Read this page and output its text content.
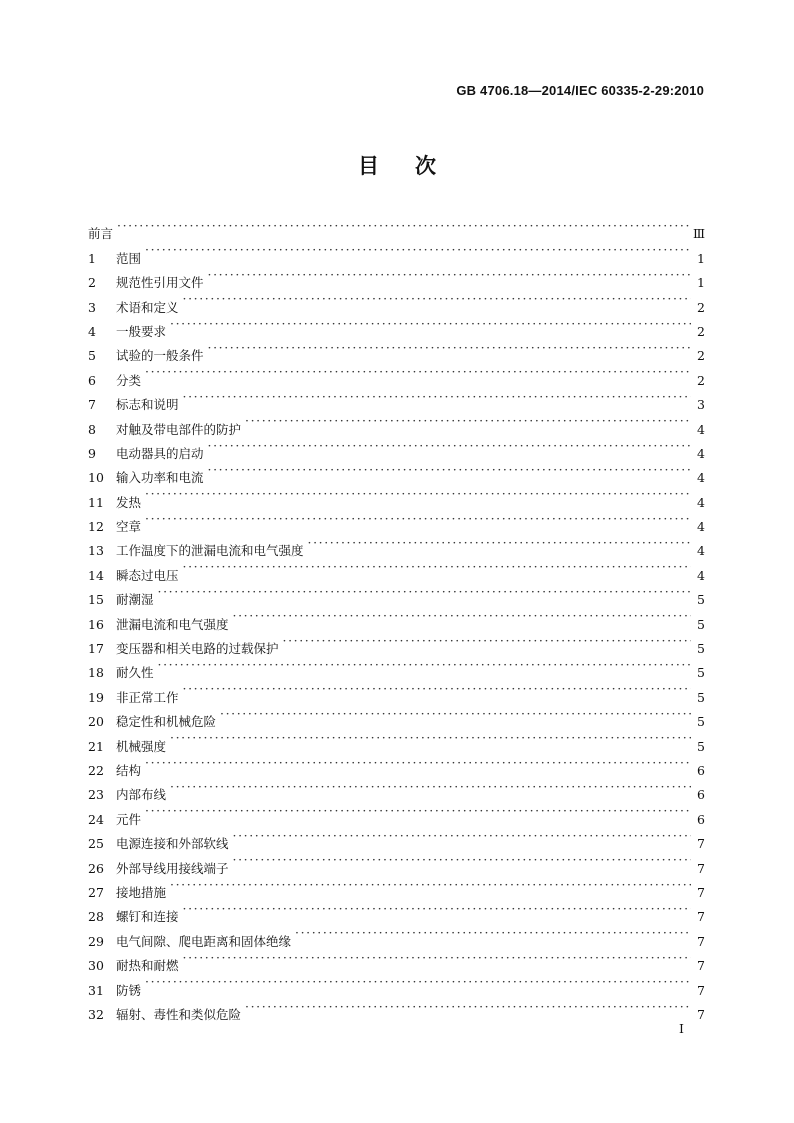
GB 4706.18—2014/IEC 60335-2-29:2010
目次
前言 ·····	Ⅲ
1	范围 ·····	1
2	规范性引用文件 ·····	1
3	术语和定义 ·····	2
4	一般要求 ·····	2
5	试验的一般条件 ·····	2
6	分类 ·····	2
7	标志和说明 ·····	3
8	对触及带电部件的防护 ·····	4
9	电动器具的启动 ·····	4
10 输入功率和电流 ·····	4
11 发热 ·····	4
12 空章 ·····	4
13 工作温度下的泄漏电流和电气强度 ·····	4
14 瞬态过电压 ·····	4
15 耐潮湿 ·····	5
16 泄漏电流和电气强度 ·····	5
17 变压器和相关电路的过载保护 ·····	5
18 耐久性 ·····	5
19 非正常工作 ·····	5
20 稳定性和机械危险 ·····	5
21 机械强度 ·····	5
22 结构 ·····	6
23 内部布线 ·····	6
24 元件 ·····	6
25 电源连接和外部软线 ·····	7
26 外部导线用接线端子 ·····	7
27 接地措施 ·····	7
28 螺钉和连接 ·····	7
29 电气间隙、爬电距离和固体绝缘 ·····	7
30 耐热和耐燃 ·····	7
31 防锈 ·····	7
32 辐射、毒性和类似危险 ·····	7
I
